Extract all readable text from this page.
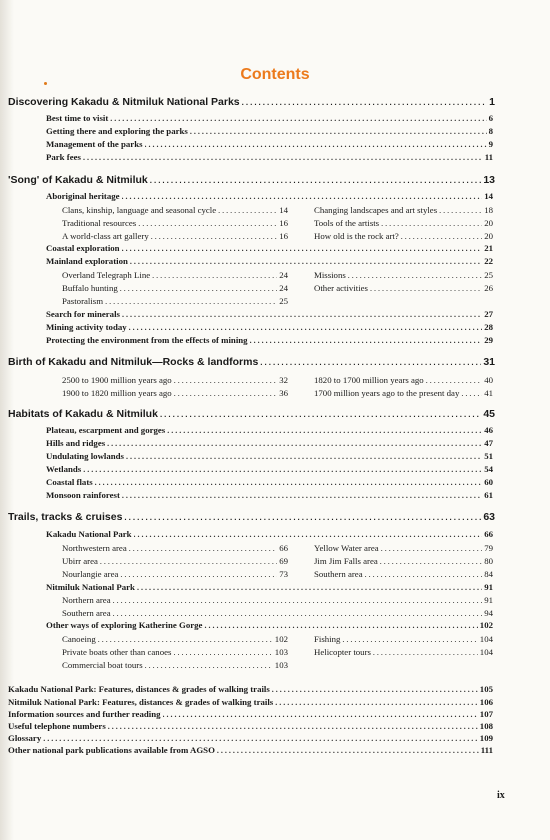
Contents
Discovering Kakadu & Nitmiluk National Parks .....	1
Best time to visit .....	6
Getting there and exploring the parks .....	8
Management of the parks .....	9
Park fees .....	11
'Song' of Kakadu & Nitmiluk .....	13
Aboriginal heritage .....	14
Clans, kinship, language and seasonal cycle .....	14
Traditional resources .....	16
A world-class art gallery .....	16
Changing landscapes and art styles .....	18
Tools of the artists .....	20
How old is the rock art? .....	20
Coastal exploration .....	21
Mainland exploration .....	22
Overland Telegraph Line .....	24
Buffalo hunting .....	24
Pastoralism .....	25
Missions .....	25
Other activities .....	26
Search for minerals .....	27
Mining activity today .....	28
Protecting the environment from the effects of mining .....	29
Birth of Kakadu and Nitmiluk—Rocks & landforms .....	31
2500 to 1900 million years ago .....	32
1900 to 1820 million years ago .....	36
1820 to 1700 million years ago .....	40
1700 million years ago to the present day .....	41
Habitats of Kakadu & Nitmiluk .....	45
Plateau, escarpment and gorges .....	46
Hills and ridges .....	47
Undulating lowlands .....	51
Wetlands .....	54
Coastal flats .....	60
Monsoon rainforest .....	61
Trails, tracks & cruises .....	63
Kakadu National Park .....	66
Northwestern area .....	66
Ubirr area .....	69
Nourlangie area .....	73
Yellow Water area .....	79
Jim Jim Falls area .....	80
Southern area .....	84
Nitmiluk National Park .....	91
Northern area .....	91
Southern area .....	94
Other ways of exploring Katherine Gorge .....	102
Canoeing .....	102
Private boats other than canoes .....	103
Commercial boat tours .....	103
Fishing .....	104
Helicopter tours .....	104
Kakadu National Park: Features, distances & grades of walking trails .....	105
Nitmiluk National Park: Features, distances & grades of walking trails .....	106
Information sources and further reading .....	107
Useful telephone numbers .....	108
Glossary .....	109
Other national park publications available from AGSO .....	111
ix
